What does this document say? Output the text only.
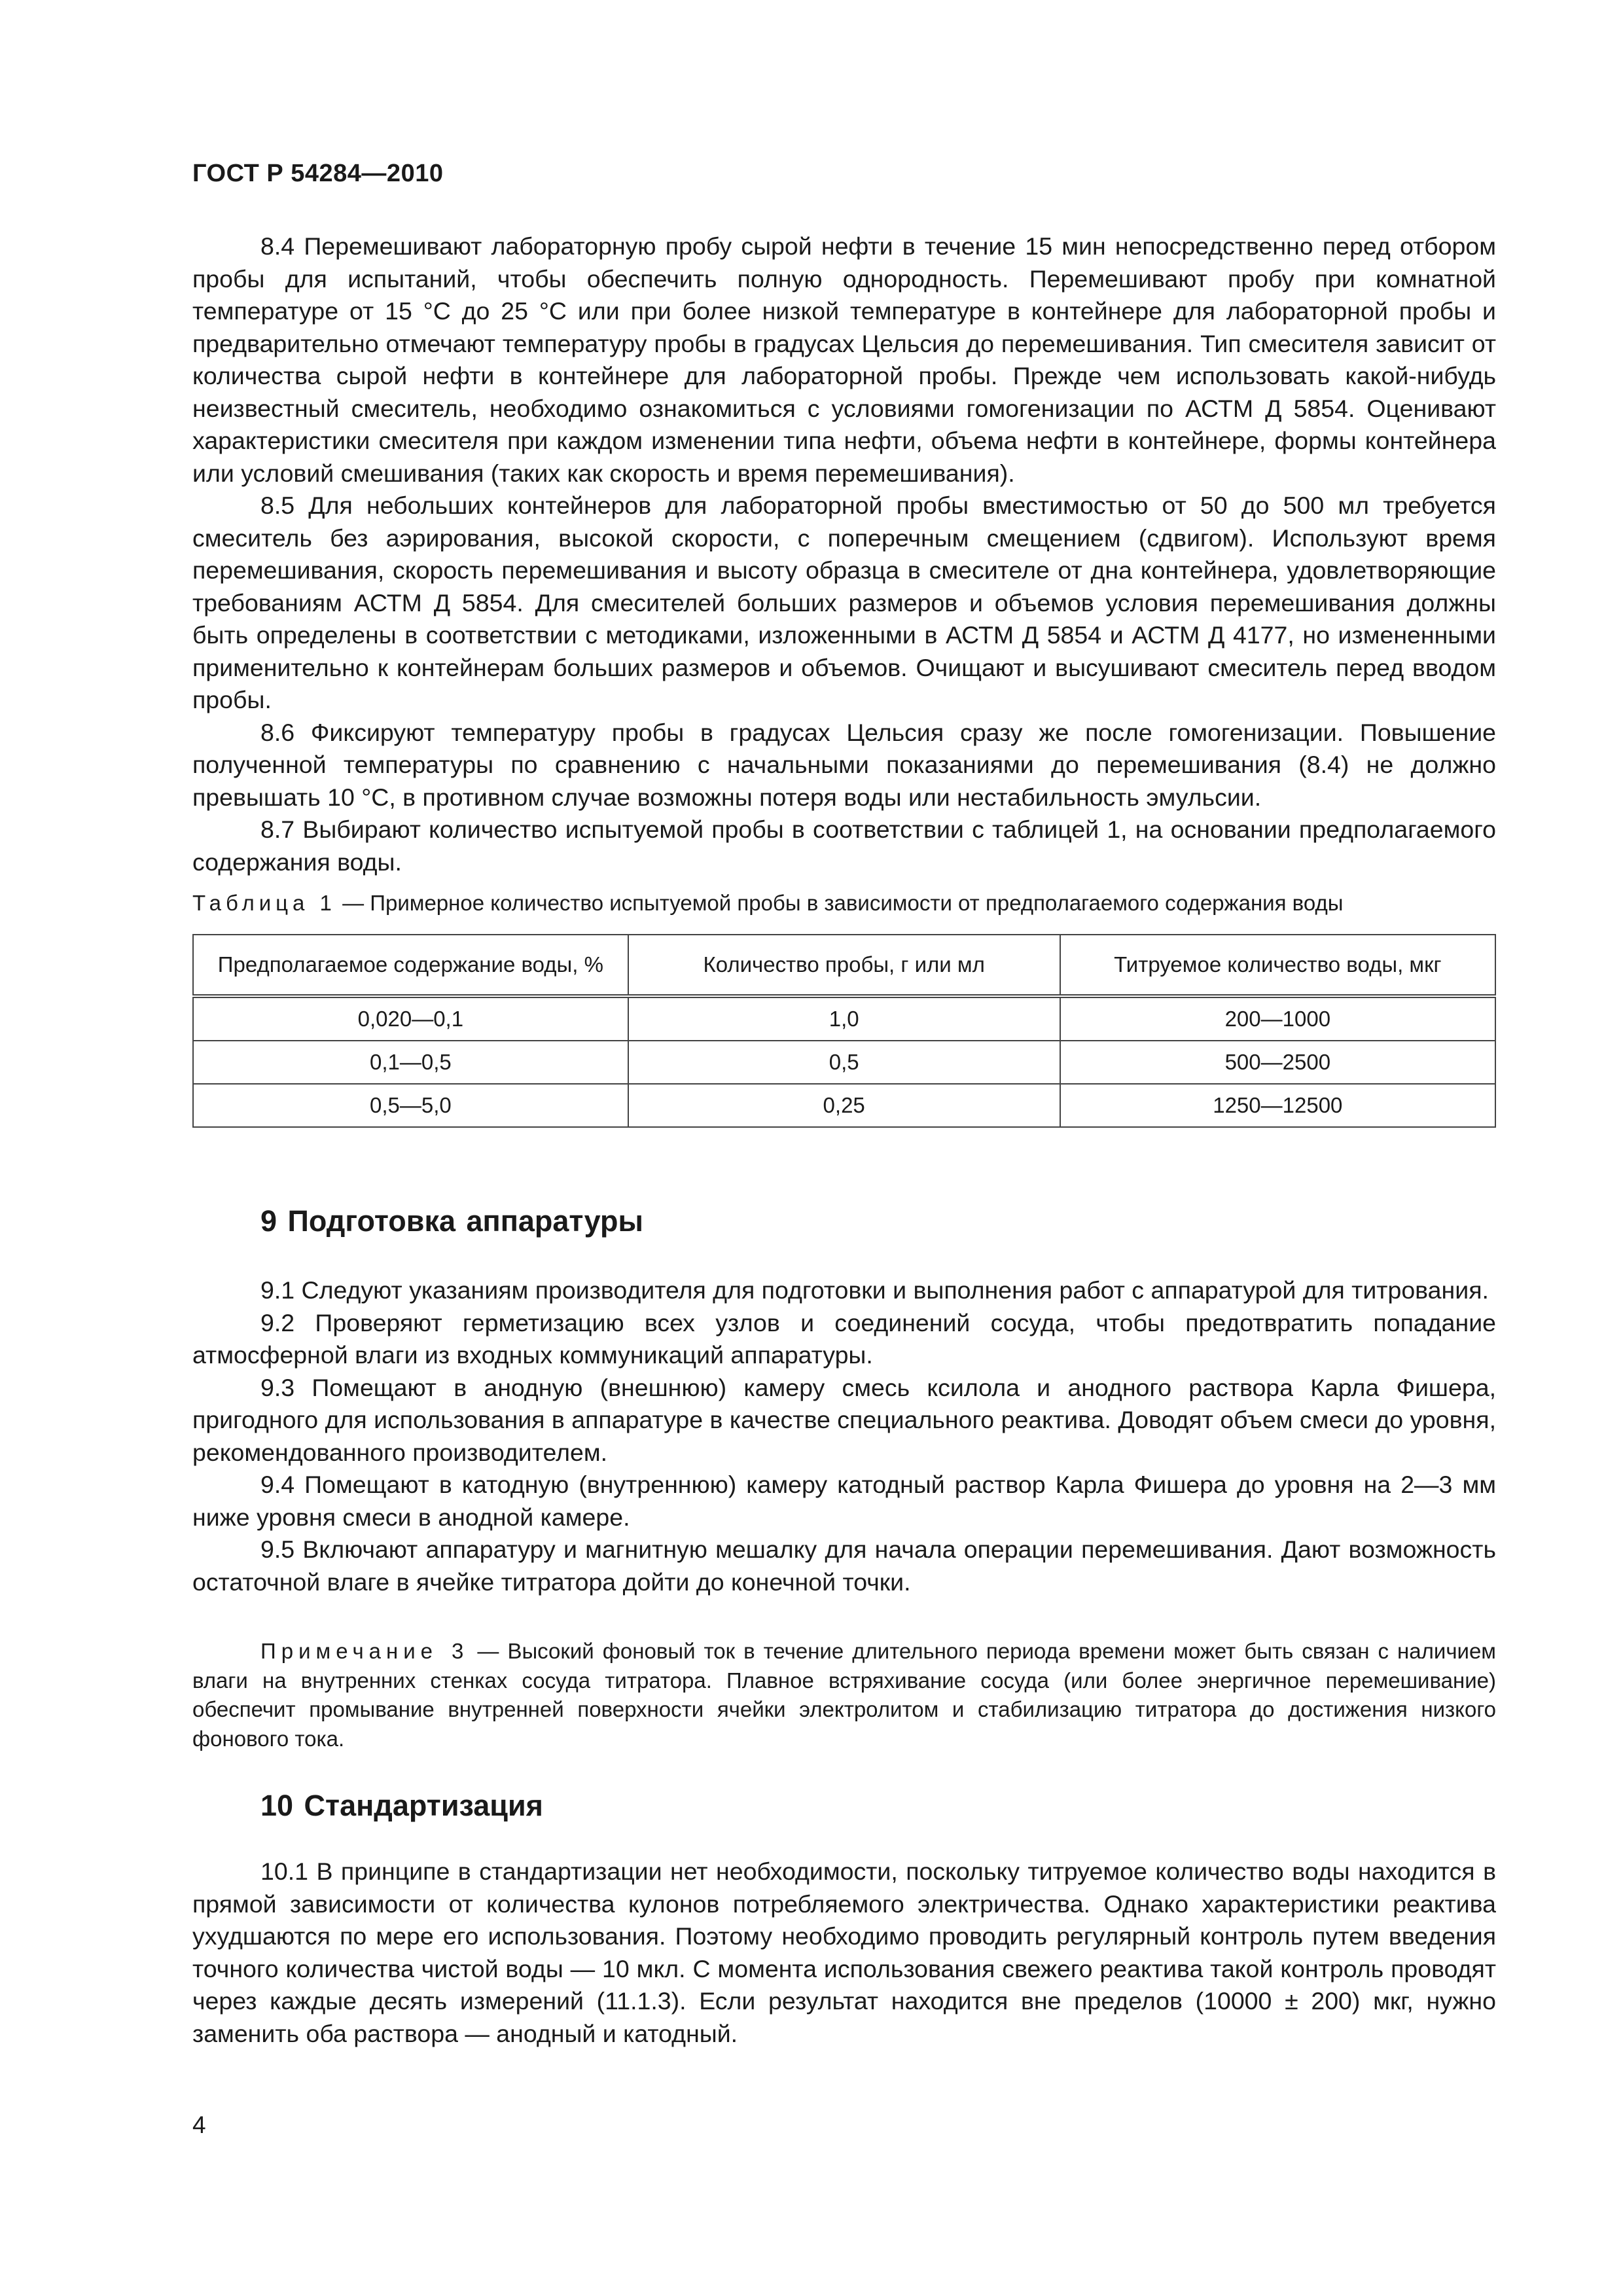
ГОСТ Р 54284—2010

8.4 Перемешивают лабораторную пробу сырой нефти в течение 15 мин непосредственно перед отбором пробы для испытаний, чтобы обеспечить полную однородность. Перемешивают пробу при комнатной температуре от 15 °С до 25 °С или при более низкой температуре в контейнере для лабораторной пробы и предварительно отмечают температуру пробы в градусах Цельсия до перемешивания. Тип смесителя зависит от количества сырой нефти в контейнере для лабораторной пробы. Прежде чем использовать какой-нибудь неизвестный смеситель, необходимо ознакомиться с условиями гомогенизации по АСТМ Д 5854. Оценивают характеристики смесителя при каждом изменении типа нефти, объема нефти в контейнере, формы контейнера или условий смешивания (таких как скорость и время перемешивания).

8.5 Для небольших контейнеров для лабораторной пробы вместимостью от 50 до 500 мл требуется смеситель без аэрирования, высокой скорости, с поперечным смещением (сдвигом). Используют время перемешивания, скорость перемешивания и высоту образца в смесителе от дна контейнера, удовлетворяющие требованиям АСТМ Д 5854. Для смесителей больших размеров и объемов условия перемешивания должны быть определены в соответствии с методиками, изложенными в АСТМ Д 5854 и АСТМ Д 4177, но измененными применительно к контейнерам больших размеров и объемов. Очищают и высушивают смеситель перед вводом пробы.

8.6 Фиксируют температуру пробы в градусах Цельсия сразу же после гомогенизации. Повышение полученной температуры по сравнению с начальными показаниями до перемешивания (8.4) не должно превышать 10 °С, в противном случае возможны потеря воды или нестабильность эмульсии.

8.7 Выбирают количество испытуемой пробы в соответствии с таблицей 1, на основании предполагаемого содержания воды.

Таблица 1 — Примерное количество испытуемой пробы в зависимости от предполагаемого содержания воды
Предполагаемое содержание воды, %	Количество пробы, г или мл	Титруемое количество воды, мкг
0,020—0,1	1,0	200—1000
0,1—0,5	0,5	500—2500
0,5—5,0	0,25	1250—12500
9 Подготовка аппаратуры

9.1 Следуют указаниям производителя для подготовки и выполнения работ с аппаратурой для титрования.

9.2 Проверяют герметизацию всех узлов и соединений сосуда, чтобы предотвратить попадание атмосферной влаги из входных коммуникаций аппаратуры.

9.3 Помещают в анодную (внешнюю) камеру смесь ксилола и анодного раствора Карла Фишера, пригодного для использования в аппаратуре в качестве специального реактива. Доводят объем смеси до уровня, рекомендованного производителем.

9.4 Помещают в катодную (внутреннюю) камеру катодный раствор Карла Фишера до уровня на 2—3 мм ниже уровня смеси в анодной камере.

9.5 Включают аппаратуру и магнитную мешалку для начала операции перемешивания. Дают возможность остаточной влаге в ячейке титратора дойти до конечной точки.

Примечание 3 — Высокий фоновый ток в течение длительного периода времени может быть связан с наличием влаги на внутренних стенках сосуда титратора. Плавное встряхивание сосуда (или более энергичное перемешивание) обеспечит промывание внутренней поверхности ячейки электролитом и стабилизацию титратора до достижения низкого фонового тока.

10 Стандартизация

10.1 В принципе в стандартизации нет необходимости, поскольку титруемое количество воды находится в прямой зависимости от количества кулонов потребляемого электричества. Однако характеристики реактива ухудшаются по мере его использования. Поэтому необходимо проводить регулярный контроль путем введения точного количества чистой воды — 10 мкл. С момента использования свежего реактива такой контроль проводят через каждые десять измерений (11.1.3). Если результат находится вне пределов (10000 ± 200) мкг, нужно заменить оба раствора — анодный и катодный.

4
